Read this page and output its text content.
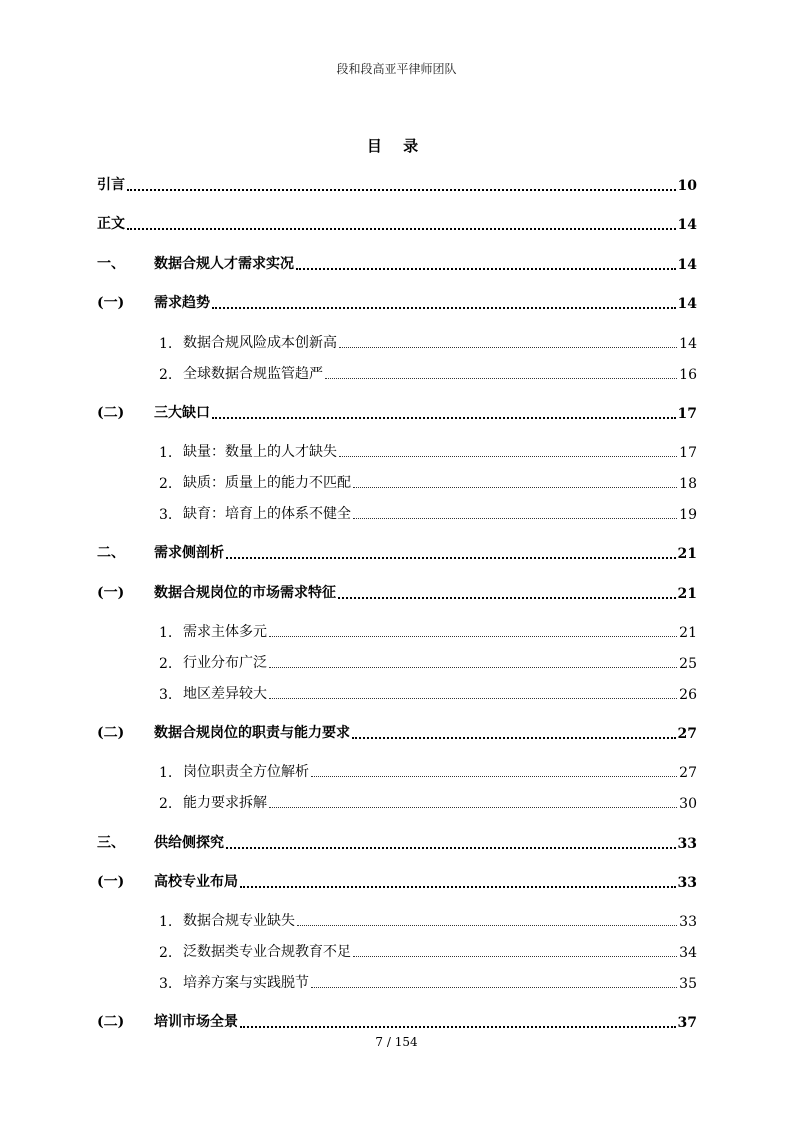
段和段高亚平律师团队
目 录
引言	10
正文	14
一、	数据合规人才需求实况	14
(一)	需求趋势	14
1. 数据合规风险成本创新高	14
2. 全球数据合规监管趋严	16
(二)	三大缺口	17
1. 缺量：数量上的人才缺失	17
2. 缺质：质量上的能力不匹配	18
3. 缺育：培育上的体系不健全	19
二、	需求侧剖析	21
(一)	数据合规岗位的市场需求特征	21
1. 需求主体多元	21
2. 行业分布广泛	25
3. 地区差异较大	26
(二)	数据合规岗位的职责与能力要求	27
1. 岗位职责全方位解析	27
2. 能力要求拆解	30
三、	供给侧探究	33
(一)	高校专业布局	33
1. 数据合规专业缺失	33
2. 泛数据类专业合规教育不足	34
3. 培养方案与实践脱节	35
(二)	培训市场全景	37
7 / 154
